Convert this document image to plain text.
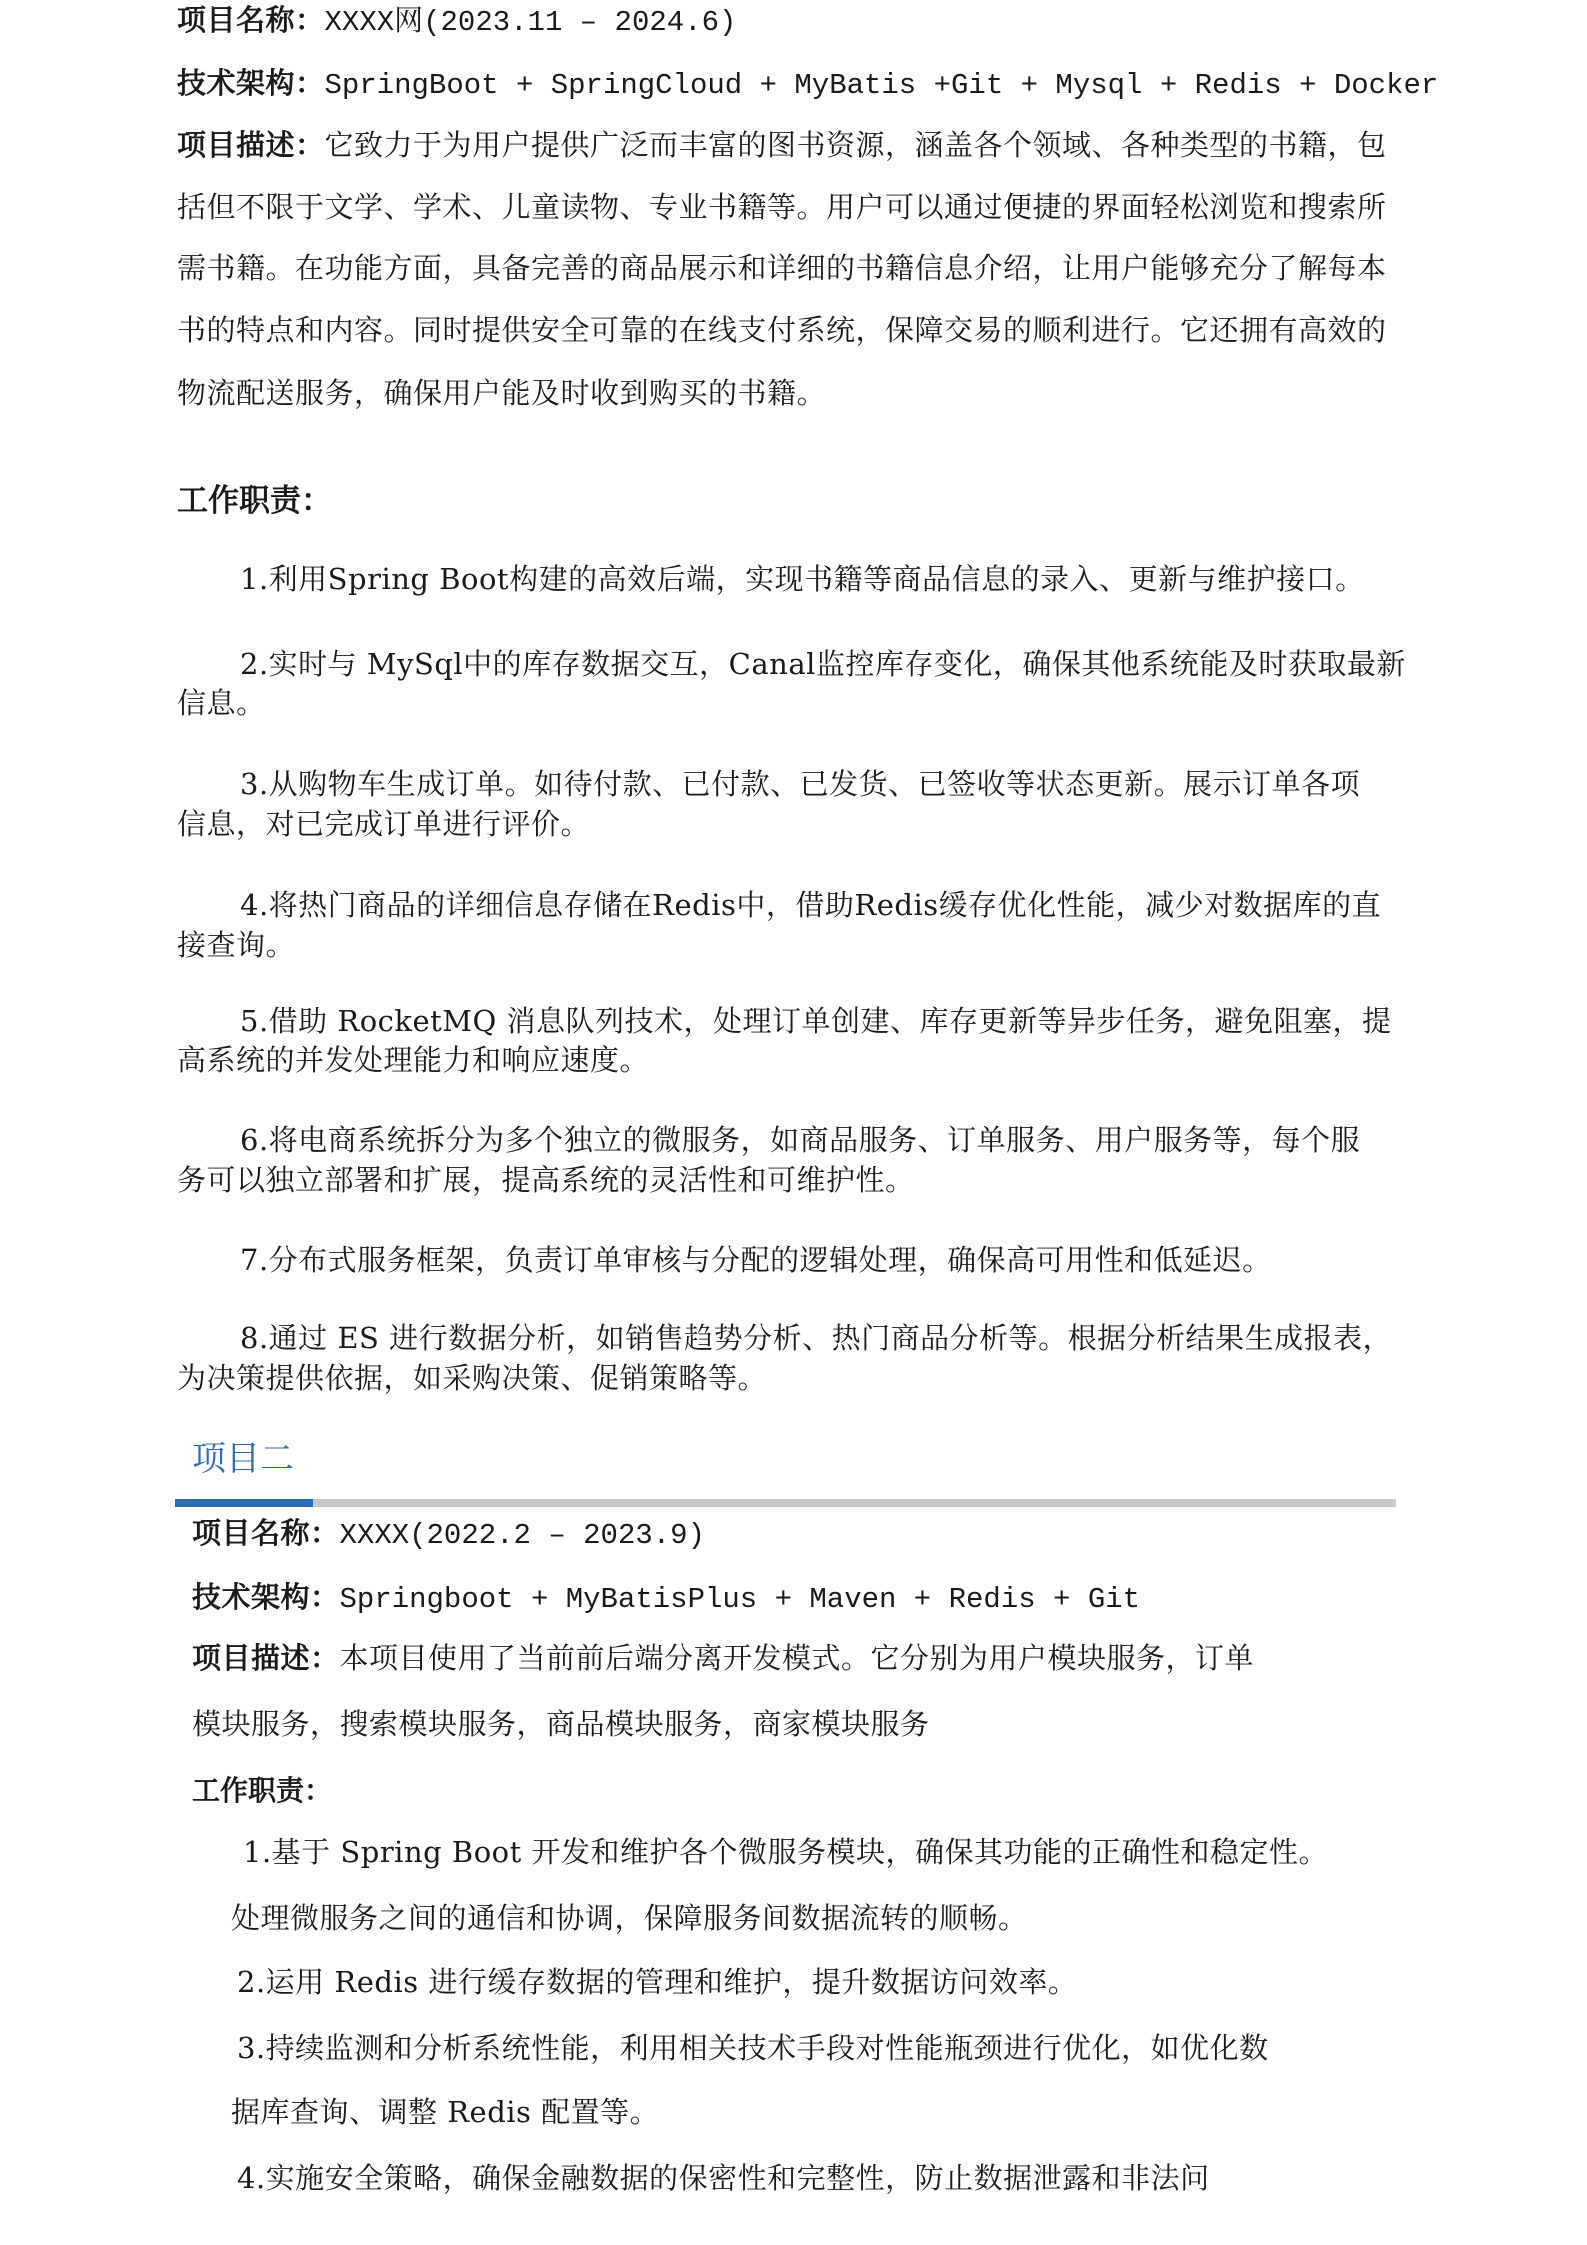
项目名称：XXXX网(2023.11 – 2024.6)
技术架构：SpringBoot + SpringCloud + MyBatis +Git + Mysql + Redis + Docker
项目描述：它致力于为用户提供广泛而丰富的图书资源，涵盖各个领域、各种类型的书籍，包
括但不限于文学、学术、儿童读物、专业书籍等。用户可以通过便捷的界面轻松浏览和搜索所
需书籍。在功能方面，具备完善的商品展示和详细的书籍信息介绍，让用户能够充分了解每本
书的特点和内容。同时提供安全可靠的在线支付系统，保障交易的顺利进行。它还拥有高效的
物流配送服务，确保用户能及时收到购买的书籍。
工作职责：
1.利用Spring Boot构建的高效后端，实现书籍等商品信息的录入、更新与维护接口。
2.实时与 MySql中的库存数据交互，Canal监控库存变化，确保其他系统能及时获取最新
信息。
3.从购物车生成订单。如待付款、已付款、已发货、已签收等状态更新。展示订单各项
信息，对已完成订单进行评价。
4.将热门商品的详细信息存储在Redis中，借助Redis缓存优化性能，减少对数据库的直
接查询。
5.借助 RocketMQ 消息队列技术，处理订单创建、库存更新等异步任务，避免阻塞，提
高系统的并发处理能力和响应速度。
6.将电商系统拆分为多个独立的微服务，如商品服务、订单服务、用户服务等，每个服
务可以独立部署和扩展，提高系统的灵活性和可维护性。
7.分布式服务框架，负责订单审核与分配的逻辑处理，确保高可用性和低延迟。
8.通过 ES 进行数据分析，如销售趋势分析、热门商品分析等。根据分析结果生成报表，
为决策提供依据，如采购决策、促销策略等。
项目二
项目名称：XXXX(2022.2 – 2023.9)
技术架构：Springboot + MyBatisPlus + Maven + Redis + Git
项目描述：本项目使用了当前前后端分离开发模式。它分别为用户模块服务，订单
模块服务，搜索模块服务，商品模块服务，商家模块服务
工作职责：
1.基于 Spring Boot 开发和维护各个微服务模块，确保其功能的正确性和稳定性。
处理微服务之间的通信和协调，保障服务间数据流转的顺畅。
2.运用 Redis 进行缓存数据的管理和维护，提升数据访问效率。
3.持续监测和分析系统性能，利用相关技术手段对性能瓶颈进行优化，如优化数
据库查询、调整 Redis 配置等。
4.实施安全策略，确保金融数据的保密性和完整性，防止数据泄露和非法问
